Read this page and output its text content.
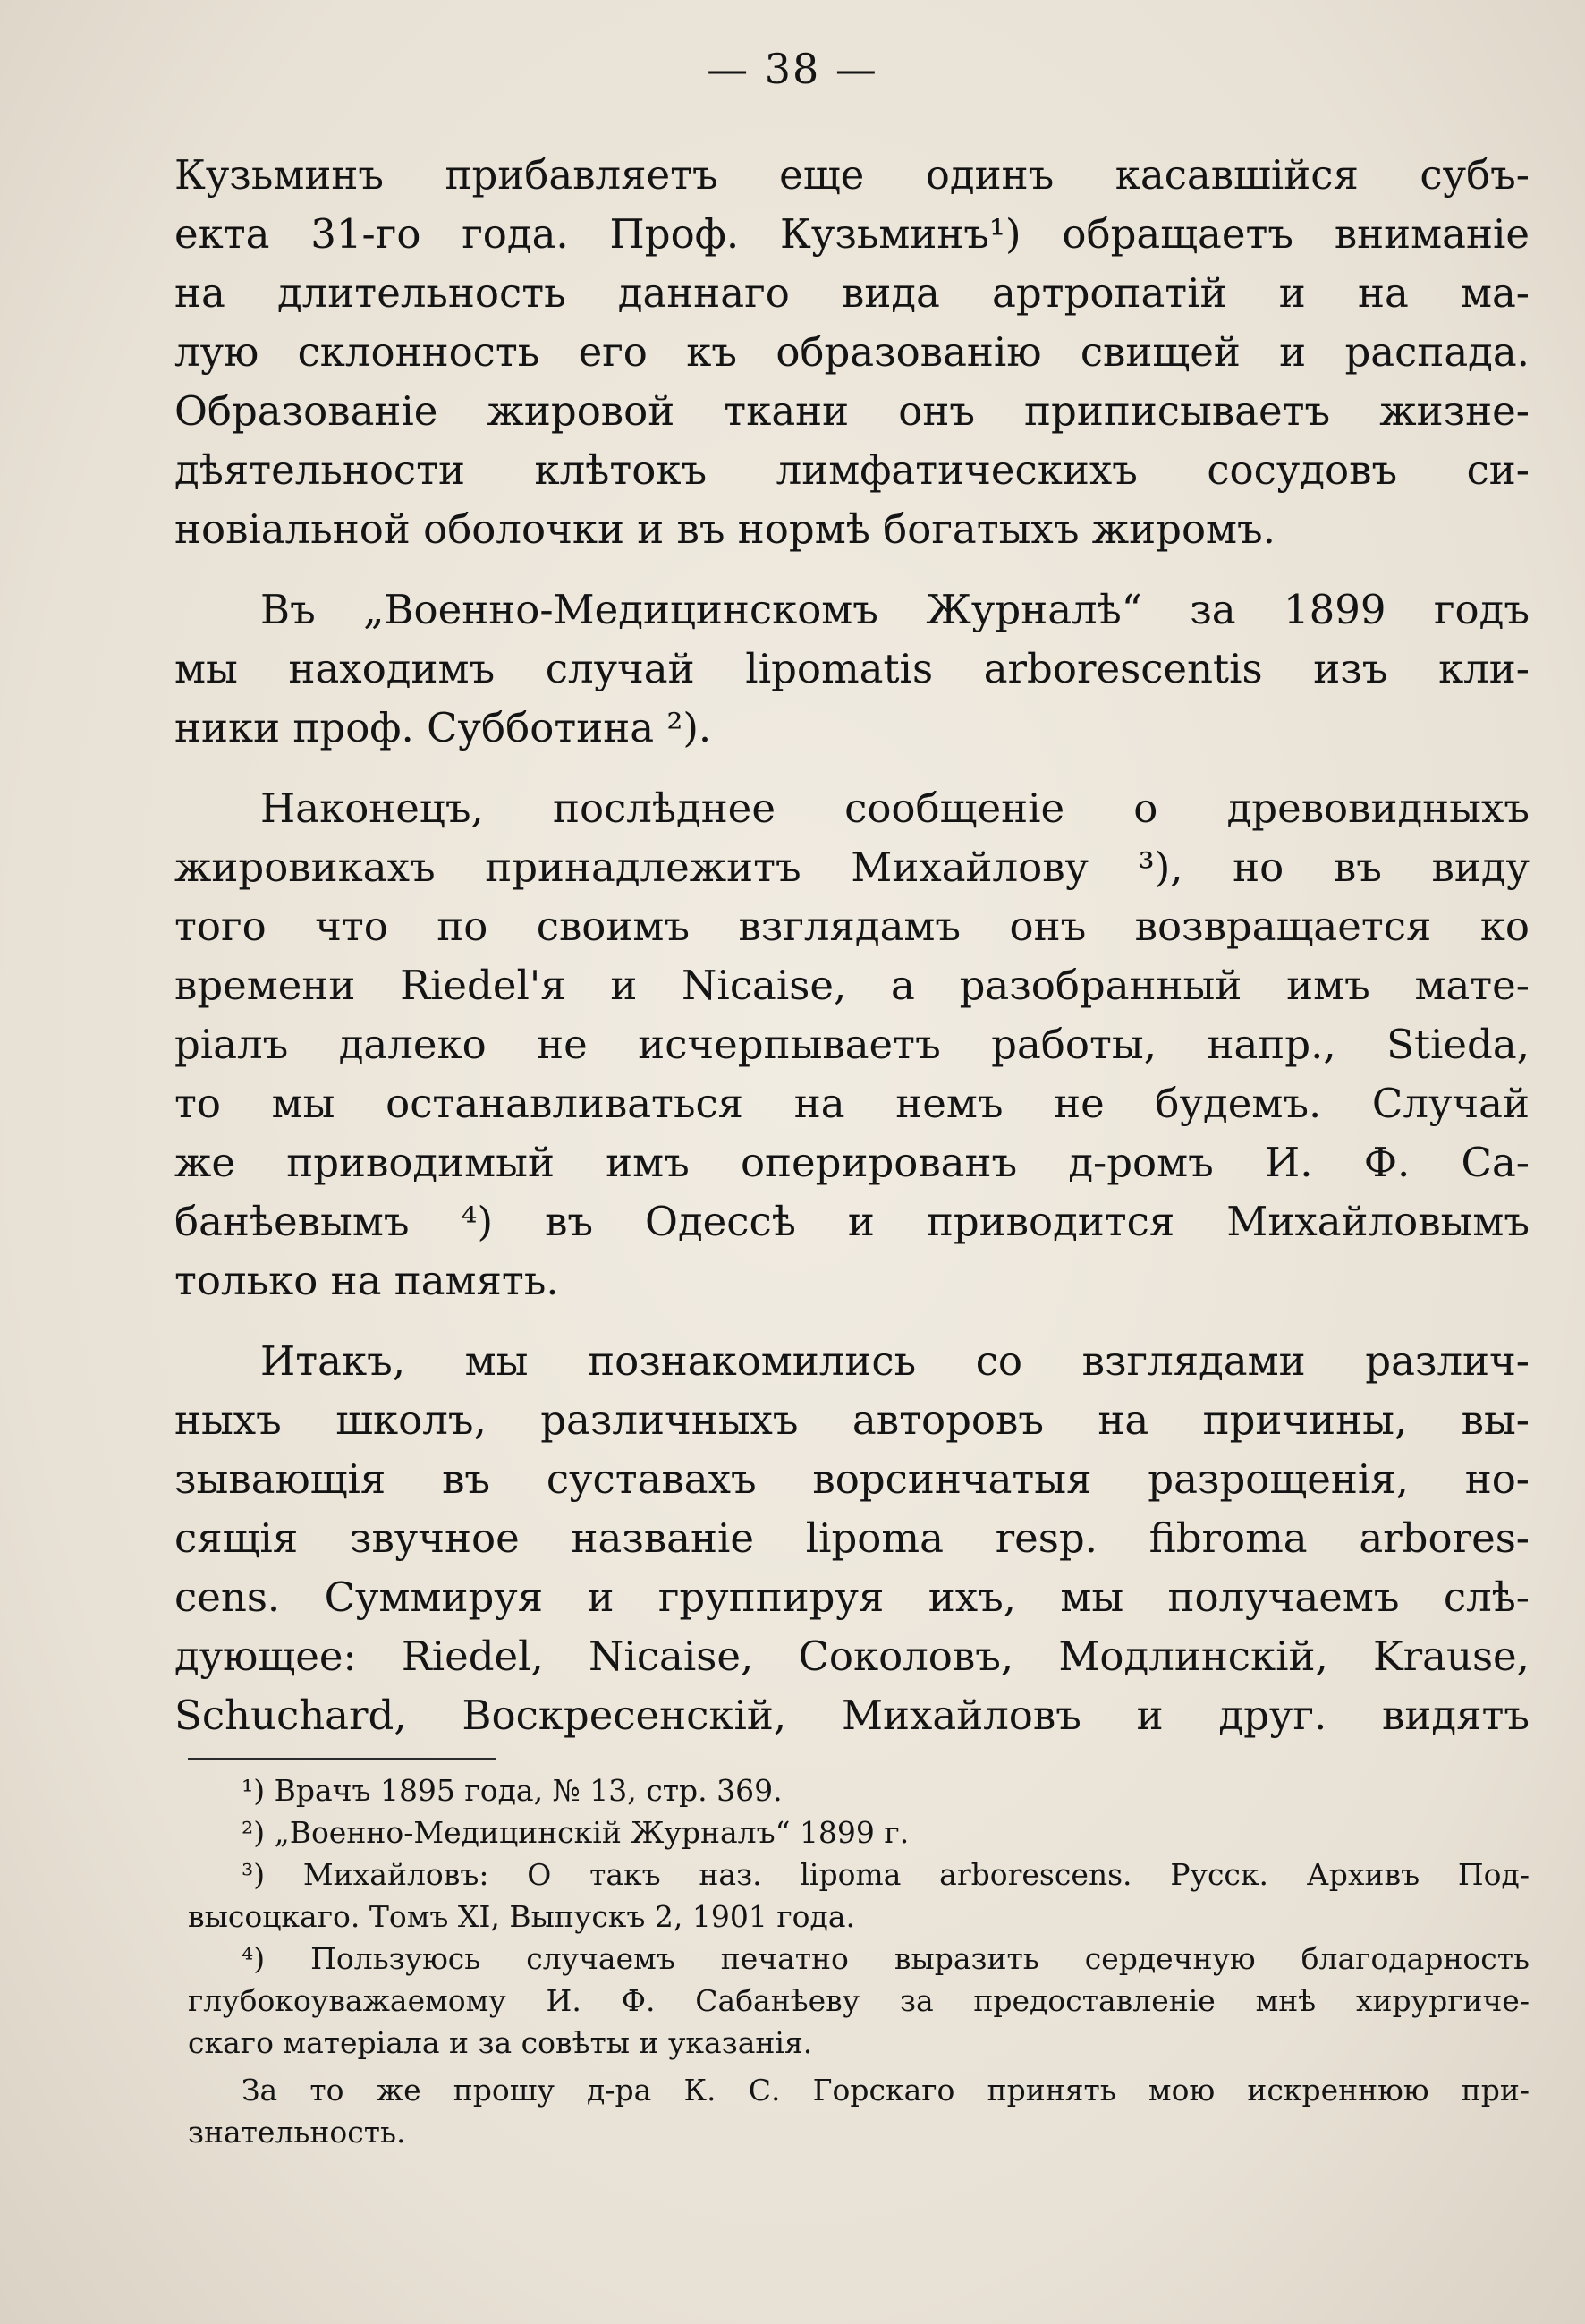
— 38 —
Кузьминъ прибавляетъ еще одинъ касавшійся субъ-
екта 31-го года. Проф. Кузьминъ¹) обращаетъ вниманіе
на длительность даннаго вида артропатій и на ма-
лую склонность его къ образованію свищей и распада.
Образованіе жировой ткани онъ приписываетъ жизне-
дѣятельности клѣтокъ лимфатическихъ сосудовъ си-
новіальной оболочки и въ нормѣ богатыхъ жиромъ.
Въ „Военно-Медицинскомъ Журналѣ“ за 1899 годъ
мы находимъ случай lipomatis arborescentis изъ кли-
ники проф. Субботина ²).
Наконецъ, послѣднее сообщеніе о древовидныхъ
жировикахъ принадлежитъ Михайлову ³), но въ виду
того что по своимъ взглядамъ онъ возвращается ко
времени Riedel'я и Nicaise, а разобранный имъ мате-
ріалъ далеко не исчерпываетъ работы, напр., Stieda,
то мы останавливаться на немъ не будемъ. Случай
же приводимый имъ оперированъ д-ромъ И. Ф. Са-
банѣевымъ ⁴) въ Одессѣ и приводится Михайловымъ
только на память.
Итакъ, мы познакомились со взглядами различ-
ныхъ школъ, различныхъ авторовъ на причины, вы-
зывающія въ суставахъ ворсинчатыя разрощенія, но-
сящія звучное названіе lipoma resp. fibroma arbores-
cens. Суммируя и группируя ихъ, мы получаемъ слѣ-
дующее: Riedel, Nicaise, Соколовъ, Модлинскій, Krause,
Schuchard, Воскресенскій, Михайловъ и друг. видятъ
¹) Врачъ 1895 года, № 13, стр. 369.
²) „Военно-Медицинскій Журналъ“ 1899 г.
³) Михайловъ: О такъ наз. lipoma arborescens. Русск. Архивъ Под-
высоцкаго. Томъ XI, Выпускъ 2, 1901 года.
⁴) Пользуюсь случаемъ печатно выразить сердечную благодарность
глубокоуважаемому И. Ф. Сабанѣеву за предоставленіе мнѣ хирургиче-
скаго матеріала и за совѣты и указанія.
За то же прошу д-ра К. С. Горскаго принять мою искреннюю при-
знательность.
